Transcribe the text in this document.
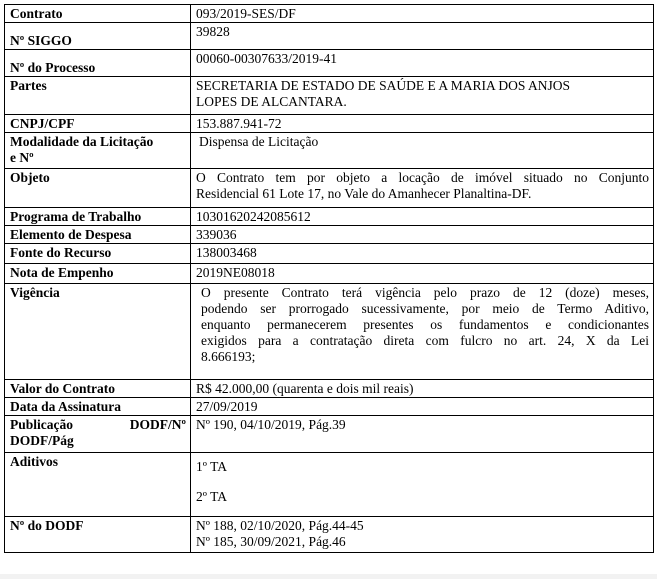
Contrato	093/2019-SES/DF
Nº SIGGO	39828
Nº do Processo	00060-00307633/2019-41
Partes	SECRETARIA DE ESTADO DE SAÚDE E A MARIA DOS ANJOS
LOPES DE ALCANTARA.

CNPJ/CPF	153.887.941-72

Modalidade da Licitação
e Nº	Dispensa de Licitação
Objeto	O Contrato tem por objeto a locação de imóvel situado no Conjunto
Residencial 61 Lote 17, no Vale do Amanhecer Planaltina-DF.

Programa de Trabalho	10301620242085612
Elemento de Despesa	339036
Fonte do Recurso	138003468
Nota de Empenho	2019NE08018
Vigência	O presente Contrato terá vigência pelo prazo de 12 (doze) meses,
podendo ser prorrogado sucessivamente, por meio de Termo Aditivo,
enquanto permanecerem presentes os fundamentos e condicionantes
exigidos para a contratação direta com fulcro no art. 24, X da Lei
8.666193;

Valor do Contrato	R$ 42.000,00 (quarenta e dois mil reais)
Data da Assinatura	27/09/2019

Publicação DODF/Nº
DODF/Pág	Nº 190, 04/10/2019, Pág.39
Aditivos	1º TA
2º TA

Nº do DODF	Nº 188, 02/10/2020, Pág.44-45
Nº 185, 30/09/2021, Pág.46
